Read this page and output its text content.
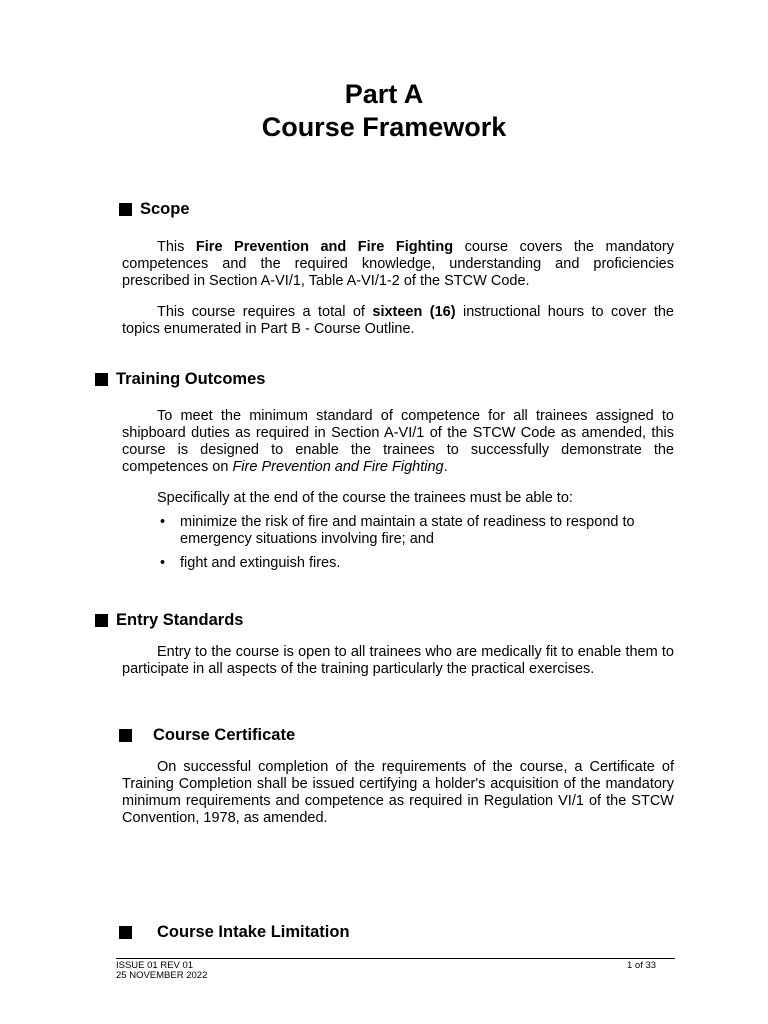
Part A
Course Framework
Scope
This Fire Prevention and Fire Fighting course covers the mandatory competences and the required knowledge, understanding and proficiencies prescribed in Section A-VI/1, Table A-VI/1-2 of the STCW Code.
This course requires a total of sixteen (16) instructional hours to cover the topics enumerated in Part B - Course Outline.
Training Outcomes
To meet the minimum standard of competence for all trainees assigned to shipboard duties as required in Section A-VI/1 of the STCW Code as amended, this course is designed to enable the trainees to successfully demonstrate the competences on Fire Prevention and Fire Fighting.
Specifically at the end of the course the trainees must be able to:
• minimize the risk of fire and maintain a state of readiness to respond to emergency situations involving fire; and
• fight and extinguish fires.
Entry Standards
Entry to the course is open to all trainees who are medically fit to enable them to participate in all aspects of the training particularly the practical exercises.
Course Certificate
On successful completion of the requirements of the course, a Certificate of Training Completion shall be issued certifying a holder's acquisition of the mandatory minimum requirements and competence as required in Regulation VI/1 of the STCW Convention, 1978, as amended.
Course Intake Limitation
ISSUE 01 REV 01
25 NOVEMBER 2022
1 of 33
